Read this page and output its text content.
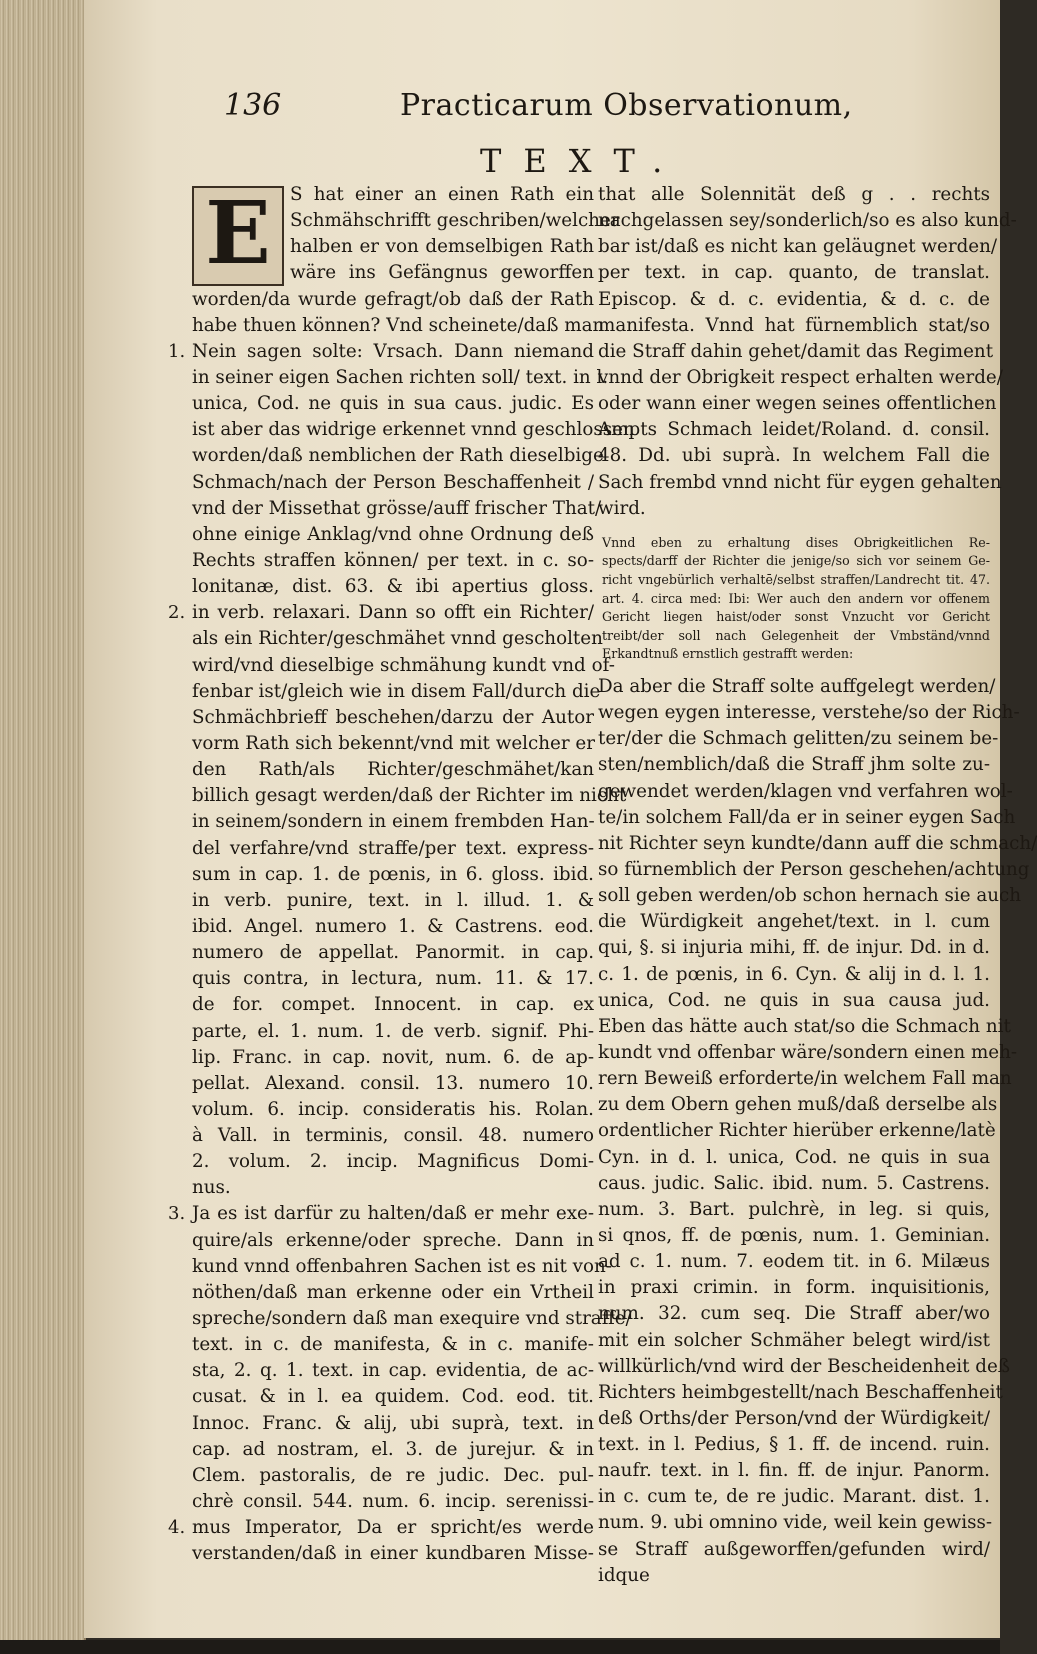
136	Practicarum Observationum,
TEXT.
E	S hat einer an einen Rath ein
Schmähschrifft geschriben/welcher
halben er von demselbigen Rath
wäre ins Gefängnus geworffen
worden/da wurde gefragt/ob daß der Rath
habe thuen können? Vnd scheinete/daß man
1. Nein sagen solte: Vrsach. Dann niemand
in seiner eigen Sachen richten soll/ text. in l.
unica, Cod. ne quis in sua caus. judic. Es
ist aber das widrige erkennet vnnd geschlossen
worden/daß nemblichen der Rath dieselbige
Schmach/nach der Person Beschaffenheit /
vnd der Missethat grösse/auff frischer That/
ohne einige Anklag/vnd ohne Ordnung deß
Rechts straffen können/ per text. in c. so-
lonitanæ, dist. 63. & ibi apertius gloss.
2. in verb. relaxari. Dann so offt ein Richter/
als ein Richter/geschmähet vnnd gescholten
wird/vnd dieselbige schmähung kundt vnd of-
fenbar ist/gleich wie in disem Fall/durch die
Schmächbrieff beschehen/darzu der Autor
vorm Rath sich bekennt/vnd mit welcher er
den Rath/als Richter/geschmähet/kan
billich gesagt werden/daß der Richter im nicht
in seinem/sondern in einem frembden Han-
del verfahre/vnd straffe/per text. express-
sum in cap. 1. de pœnis, in 6. gloss. ibid.
in verb. punire, text. in l. illud. 1. &
ibid. Angel. numero 1. & Castrens. eod.
numero de appellat. Panormit. in cap.
quis contra, in lectura, num. 11. & 17.
de for. compet. Innocent. in cap. ex
parte, el. 1. num. 1. de verb. signif. Phi-
lip. Franc. in cap. novit, num. 6. de ap-
pellat. Alexand. consil. 13. numero 10.
volum. 6. incip. consideratis his. Rolan.
à Vall. in terminis, consil. 48. numero
2. volum. 2. incip. Magnificus Domi-
nus.
3. Ja es ist darfür zu halten/daß er mehr exe-
quire/als erkenne/oder spreche. Dann in
kund vnnd offenbahren Sachen ist es nit von-
nöthen/daß man erkenne oder ein Vrtheil
spreche/sondern daß man exequire vnd straffe/
text. in c. de manifesta, & in c. manife-
sta, 2. q. 1. text. in cap. evidentia, de ac-
cusat. & in l. ea quidem. Cod. eod. tit.
Innoc. Franc. & alij, ubi suprà, text. in
cap. ad nostram, el. 3. de jurejur. & in
Clem. pastoralis, de re judic. Dec. pul-
chrè consil. 544. num. 6. incip. serenissi-
4. mus Imperator, Da er spricht/es werde
verstanden/daß in einer kundbaren Misse-
that alle Solennität deß g . . rechts
nachgelassen sey/sonderlich/so es also kund-
bar ist/daß es nicht kan geläugnet werden/
per text. in cap. quanto, de translat.
Episcop. & d. c. evidentia, & d. c. de
manifesta. Vnnd hat fürnemblich stat/so
die Straff dahin gehet/damit das Regiment
vnnd der Obrigkeit respect erhalten werde/
oder wann einer wegen seines offentlichen
Ampts Schmach leidet/Roland. d. consil.
48. Dd. ubi suprà. In welchem Fall die
Sach frembd vnnd nicht für eygen gehalten
wird.
Vnnd eben zu erhaltung dises Obrigkeitlichen Re-
spects/darff der Richter die jenige/so sich vor seinem Ge-
richt vngebürlich verhaltē/selbst straffen/Landrecht tit. 47.
art. 4. circa med: Ibi: Wer auch den andern vor offenem
Gericht liegen haist/oder sonst Vnzucht vor Gericht
treibt/der soll nach Gelegenheit der Vmbständ/vnnd
Erkandtnuß ernstlich gestrafft werden:
Da aber die Straff solte auffgelegt werden/
wegen eygen interesse, verstehe/so der Rich-
ter/der die Schmach gelitten/zu seinem be-
sten/nemblich/daß die Straff jhm solte zu-
gewendet werden/klagen vnd verfahren wol-
te/in solchem Fall/da er in seiner eygen Sach
nit Richter seyn kundte/dann auff die schmach/
so fürnemblich der Person geschehen/achtung
soll geben werden/ob schon hernach sie auch
die Würdigkeit angehet/text. in l. cum
qui, §. si injuria mihi, ff. de injur. Dd. in d.
c. 1. de pœnis, in 6. Cyn. & alij in d. l. 1.
unica, Cod. ne quis in sua causa jud.
Eben das hätte auch stat/so die Schmach nit
kundt vnd offenbar wäre/sondern einen meh-
rern Beweiß erforderte/in welchem Fall man
zu dem Obern gehen muß/daß derselbe als
ordentlicher Richter hierüber erkenne/latè
Cyn. in d. l. unica, Cod. ne quis in sua
caus. judic. Salic. ibid. num. 5. Castrens.
num. 3. Bart. pulchrè, in leg. si quis,
si qnos, ff. de pœnis, num. 1. Geminian.
ad c. 1. num. 7. eodem tit. in 6. Milæus
in praxi crimin. in form. inquisitionis,
num. 32. cum seq. Die Straff aber/wo
mit ein solcher Schmäher belegt wird/ist
willkürlich/vnd wird der Bescheidenheit deß
Richters heimbgestellt/nach Beschaffenheit
deß Orths/der Person/vnd der Würdigkeit/
text. in l. Pedius, § 1. ff. de incend. ruin.
naufr. text. in l. fin. ff. de injur. Panorm.
in c. cum te, de re judic. Marant. dist. 1.
num. 9. ubi omnino vide, weil kein gewiss-
se Straff außgeworffen/gefunden wird/
idque
